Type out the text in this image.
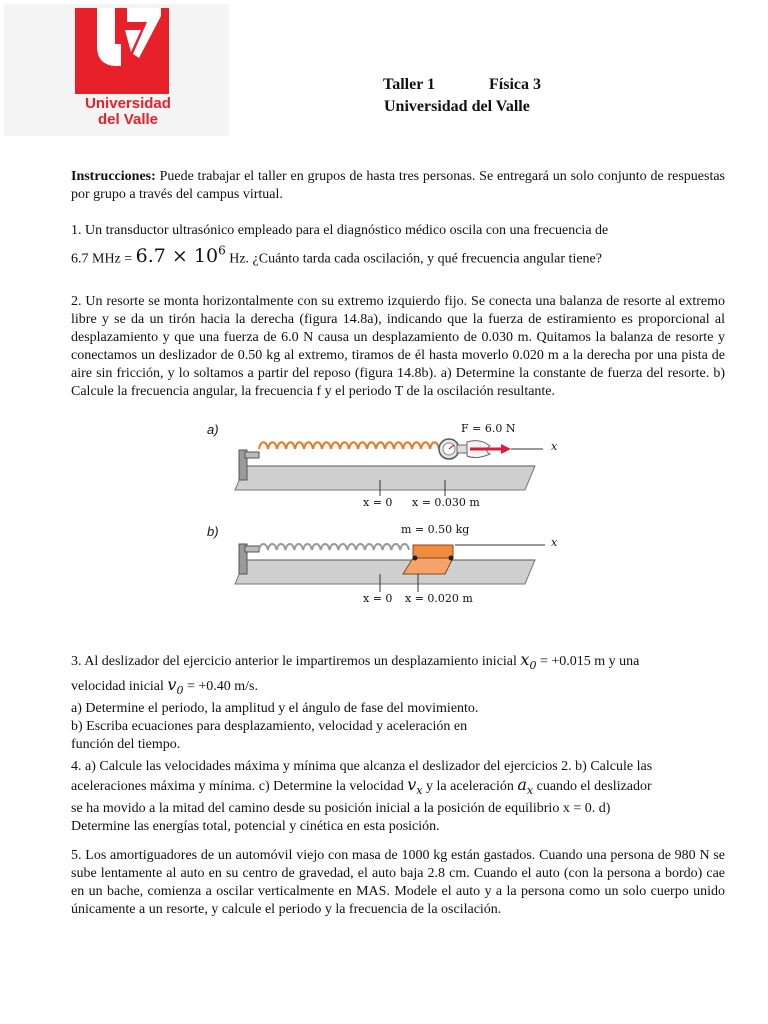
Universidad
del Valle
Taller 1	Física 3
Universidad del Valle
Instrucciones: Puede trabajar el taller en grupos de hasta tres personas. Se entregará un solo conjunto de respuestas por grupo a través del campus virtual.
1. Un transductor ultrasónico empleado para el diagnóstico médico oscila con una frecuencia de
6.7 MHz = $6.7 \times 10^6$ Hz. ¿Cuánto tarda cada oscilación, y qué frecuencia angular tiene?
2. Un resorte se monta horizontalmente con su extremo izquierdo fijo. Se conecta una balanza de resorte al extremo libre y se da un tirón hacia la derecha (figura 14.8a), indicando que la fuerza de estiramiento es proporcional al desplazamiento y que una fuerza de 6.0 N causa un desplazamiento de 0.030 m. Quitamos la balanza de resorte y conectamos un deslizador de 0.50 kg al extremo, tiramos de él hasta moverlo 0.020 m a la derecha por una pista de aire sin fricción, y lo soltamos a partir del reposo (figura 14.8b). a) Determine la constante de fuerza del resorte. b) Calcule la frecuencia angular, la frecuencia f y el periodo T de la oscilación resultante.
a)	F = 6.0 N
x
x = 0 x = 0.030 m
b)	m = 0.50 kg
x
x = 0 x = 0.020 m
3. Al deslizador del ejercicio anterior le impartiremos un desplazamiento inicial $x_0 = +0.015$ m y una
velocidad inicial $v_0 = +0.40$ m/s.
a) Determine el periodo, la amplitud y el ángulo de fase del movimiento.
b) Escriba ecuaciones para desplazamiento, velocidad y aceleración en
función del tiempo.
4. a) Calcule las velocidades máxima y mínima que alcanza el deslizador del ejercicios 2. b) Calcule las
aceleraciones máxima y mínima. c) Determine la velocidad $v_x$ y la aceleración $a_x$ cuando el deslizador
se ha movido a la mitad del camino desde su posición inicial a la posición de equilibrio x = 0. d)
Determine las energías total, potencial y cinética en esta posición.
5. Los amortiguadores de un automóvil viejo con masa de 1000 kg están gastados. Cuando una persona de 980 N se sube lentamente al auto en su centro de gravedad, el auto baja 2.8 cm. Cuando el auto (con la persona a bordo) cae en un bache, comienza a oscilar verticalmente en MAS. Modele el auto y a la persona como un solo cuerpo unido únicamente a un resorte, y calcule el periodo y la frecuencia de la oscilación.
